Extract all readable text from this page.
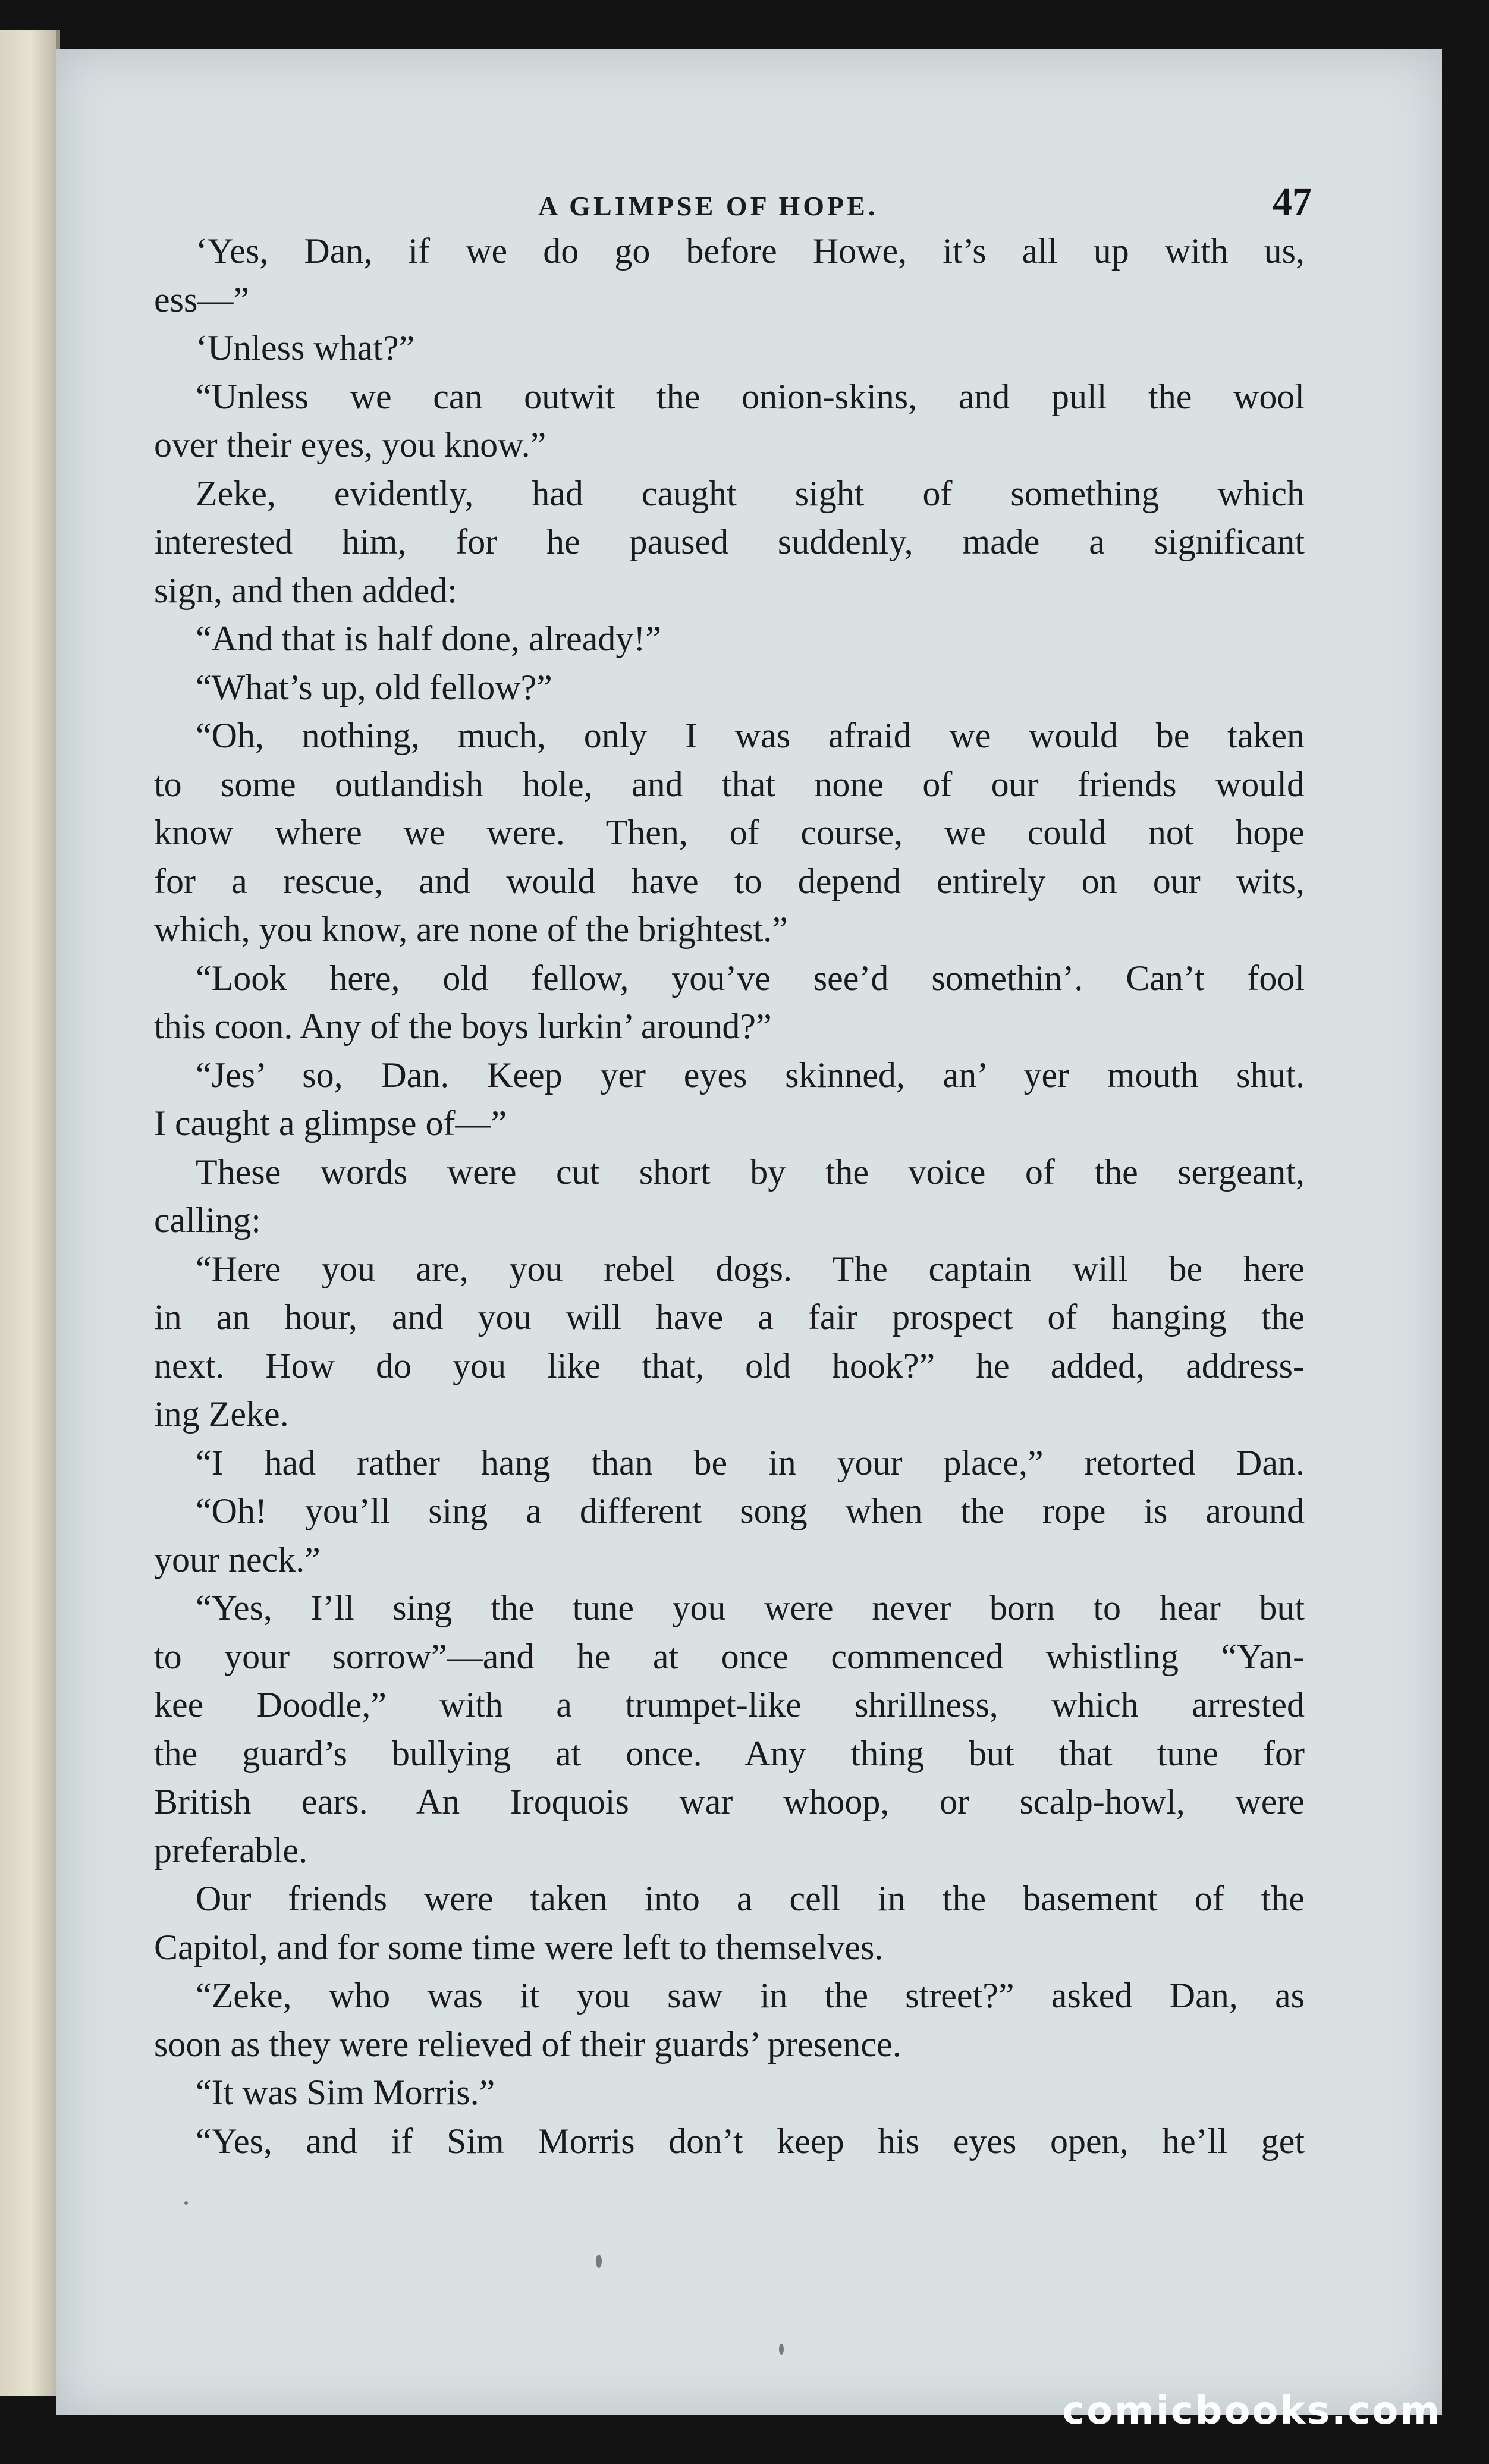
A GLIMPSE OF HOPE.	47
‘Yes, Dan, if we do go before Howe, it’s all up with us,
ess—”
‘Unless what?”
“Unless we can outwit the onion-skins, and pull the wool
over their eyes, you know.”
Zeke, evidently, had caught sight of something which
interested him, for he paused suddenly, made a significant
sign, and then added:
“And that is half done, already!”
“What’s up, old fellow?”
“Oh, nothing, much, only I was afraid we would be taken
to some outlandish hole, and that none of our friends would
know where we were. Then, of course, we could not hope
for a rescue, and would have to depend entirely on our wits,
which, you know, are none of the brightest.”
“Look here, old fellow, you’ve see’d somethin’. Can’t fool
this coon. Any of the boys lurkin’ around?”
“Jes’ so, Dan. Keep yer eyes skinned, an’ yer mouth shut.
I caught a glimpse of—”
These words were cut short by the voice of the sergeant,
calling:
“Here you are, you rebel dogs. The captain will be here
in an hour, and you will have a fair prospect of hanging the
next. How do you like that, old hook?” he added, address-
ing Zeke.
“I had rather hang than be in your place,” retorted Dan.
“Oh! you’ll sing a different song when the rope is around
your neck.”
“Yes, I’ll sing the tune you were never born to hear but
to your sorrow”—and he at once commenced whistling “Yan-
kee Doodle,” with a trumpet-like shrillness, which arrested
the guard’s bullying at once. Any thing but that tune for
British ears. An Iroquois war whoop, or scalp-howl, were
preferable.
Our friends were taken into a cell in the basement of the
Capitol, and for some time were left to themselves.
“Zeke, who was it you saw in the street?” asked Dan, as
soon as they were relieved of their guards’ presence.
“It was Sim Morris.”
“Yes, and if Sim Morris don’t keep his eyes open, he’ll get
comicbooks.com
